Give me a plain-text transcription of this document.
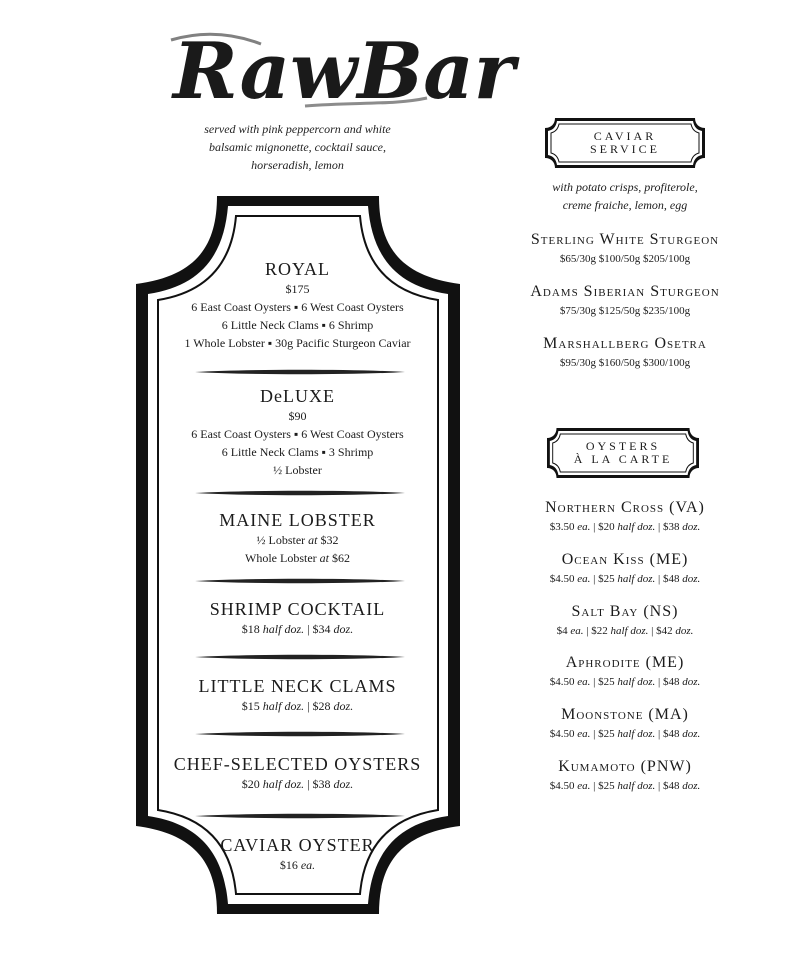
RawBar
served with pink peppercorn and white
balsamic mignonette, cocktail sauce,
horseradish, lemon
ROYAL
$175
6 East Coast Oysters ▪ 6 West Coast Oysters
6 Little Neck Clams ▪ 6 Shrimp
1 Whole Lobster ▪ 30g Pacific Sturgeon Caviar
DeLUXE
$90
6 East Coast Oysters ▪ 6 West Coast Oysters
6 Little Neck Clams ▪ 3 Shrimp
½ Lobster
MAINE LOBSTER
½ Lobster at $32
Whole Lobster at $62
SHRIMP COCKTAIL
$18 half doz. | $34 doz.
LITTLE NECK CLAMS
$15 half doz. | $28 doz.
CHEF-SELECTED OYSTERS
$20 half doz. | $38 doz.
CAVIAR OYSTER
$16 ea.
CAVIAR
SERVICE
with potato crisps, profiterole,
creme fraiche, lemon, egg
Sterling White Sturgeon
$65/30g $100/50g $205/100g
Adams Siberian Sturgeon
$75/30g $125/50g $235/100g
Marshallberg Osetra
$95/30g $160/50g $300/100g
OYSTERS
À LA CARTE
Northern Cross (VA)
$3.50 ea. | $20 half doz. | $38 doz.
Ocean Kiss (ME)
$4.50 ea. | $25 half doz. | $48 doz.
Salt Bay (NS)
$4 ea. | $22 half doz. | $42 doz.
Aphrodite (ME)
$4.50 ea. | $25 half doz. | $48 doz.
Moonstone (MA)
$4.50 ea. | $25 half doz. | $48 doz.
Kumamoto (PNW)
$4.50 ea. | $25 half doz. | $48 doz.
